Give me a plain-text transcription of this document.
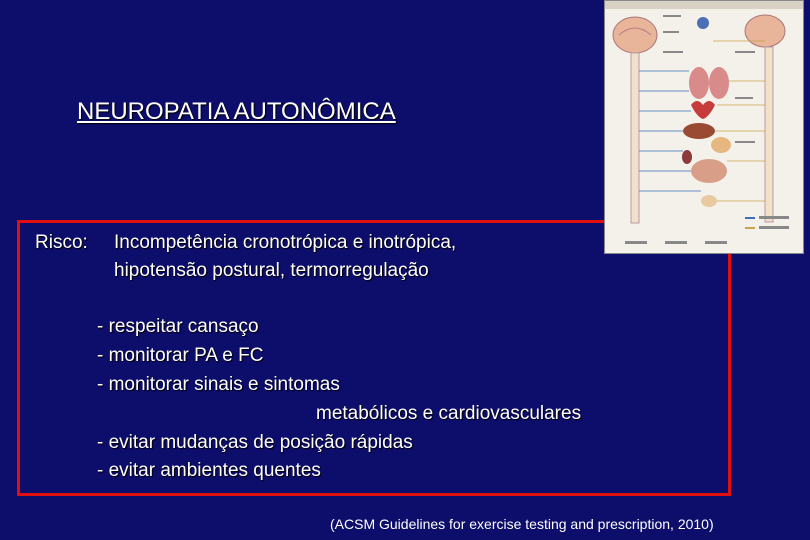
NEUROPATIA AUTONÔMICA
Risco: Incompetência cronotrópica e inotrópica,
hipotensão postural, termorregulação
- respeitar cansaço
- monitorar PA e FC
- monitorar sinais e sintomas
metabólicos e cardiovasculares
- evitar mudanças de posição rápidas
- evitar ambientes quentes
(ACSM Guidelines for exercise testing and prescription, 2010)
